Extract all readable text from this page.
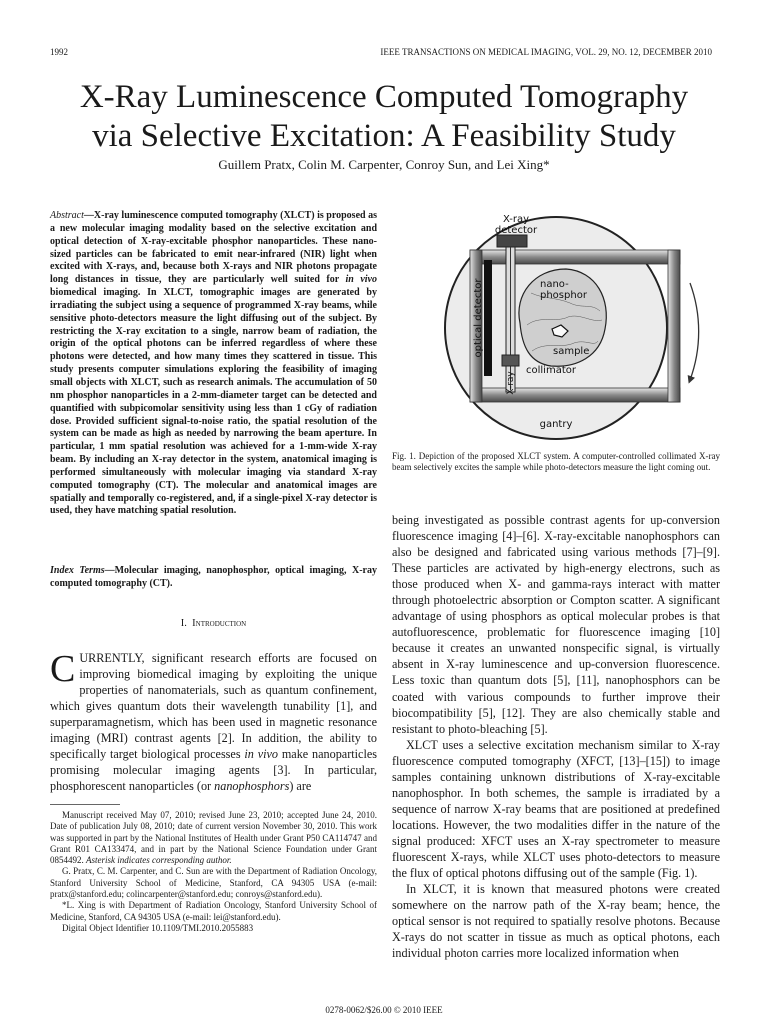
1992	IEEE TRANSACTIONS ON MEDICAL IMAGING, VOL. 29, NO. 12, DECEMBER 2010
X-Ray Luminescence Computed Tomography
via Selective Excitation: A Feasibility Study
Guillem Pratx, Colin M. Carpenter, Conroy Sun, and Lei Xing*
Abstract—X-ray luminescence computed tomography (XLCT) is proposed as a new molecular imaging modality based on the selective excitation and optical detection of X-ray-excitable phosphor nanoparticles. These nano-sized particles can be fabricated to emit near-infrared (NIR) light when excited with X-rays, and, because both X-rays and NIR photons propagate long distances in tissue, they are particularly well suited for in vivo biomedical imaging. In XLCT, tomographic images are generated by irradiating the subject using a sequence of programmed X-ray beams, while sensitive photo-detectors measure the light diffusing out of the subject. By restricting the X-ray excitation to a single, narrow beam of radiation, the origin of the optical photons can be inferred regardless of where these photons were detected, and how many times they scattered in tissue. This study presents computer simulations exploring the feasibility of imaging small objects with XLCT, such as research animals. The accumulation of 50 nm phosphor nanoparticles in a 2-mm-diameter target can be detected and quantified with subpicomolar sensitivity using less than 1 cGy of radiation dose. Provided sufficient signal-to-noise ratio, the spatial resolution of the system can be made as high as needed by narrowing the beam aperture. In particular, 1 mm spatial resolution was achieved for a 1-mm-wide X-ray beam. By including an X-ray detector in the system, anatomical imaging is performed simultaneously with molecular imaging via standard X-ray computed tomography (CT). The molecular and anatomical images are spatially and temporally co-registered, and, if a single-pixel X-ray detector is used, they have matching spatial resolution.
Index Terms—Molecular imaging, nanophosphor, optical imaging, X-ray computed tomography (CT).
I. Introduction
CURRENTLY, significant research efforts are focused on improving biomedical imaging by exploiting the unique properties of nanomaterials, such as quantum confinement, which gives quantum dots their wavelength tunability [1], and superparamagnetism, which has been used in magnetic resonance imaging (MRI) contrast agents [2]. In addition, the ability to specifically target biological processes in vivo make nanoparticles promising molecular imaging agents [3]. In particular, phosphorescent nanoparticles (or nanophosphors) are

Manuscript received May 07, 2010; revised June 23, 2010; accepted June 24, 2010. Date of publication July 08, 2010; date of current version November 30, 2010. This work was supported in part by the National Institutes of Health under Grant P50 CA114747 and Grant R01 CA133474, and in part by the National Science Foundation under Grant 0854492. Asterisk indicates corresponding author.

G. Pratx, C. M. Carpenter, and C. Sun are with the Department of Radiation Oncology, Stanford University School of Medicine, Stanford, CA 94305 USA (e-mail: pratx@stanford.edu; colincarpenter@stanford.edu; conroys@stanford.edu).

*L. Xing is with Department of Radiation Oncology, Stanford University School of Medicine, Stanford, CA 94305 USA (e-mail: lei@stanford.edu).

Digital Object Identifier 10.1109/TMI.2010.2055883

X-ray
detector
nano-
phosphor
optical detector	sample
collimator
X-ray
gantry
Fig. 1. Depiction of the proposed XLCT system. A computer-controlled collimated X-ray beam selectively excites the sample while photo-detectors measure the light coming out.

being investigated as possible contrast agents for up-conversion fluorescence imaging [4]–[6]. X-ray-excitable nanophosphors can also be designed and fabricated using various methods [7]–[9]. These particles are activated by high-energy electrons, such as those produced when X- and gamma-rays interact with matter through photoelectric absorption or Compton scatter. A significant advantage of using phosphors as optical molecular probes is that autofluorescence, problematic for fluorescence imaging [10] because it creates an unwanted nonspecific signal, is virtually absent in X-ray luminescence and up-conversion fluorescence. Less toxic than quantum dots [5], [11], nanophosphors can be coated with various compounds to further improve their biocompatibility [5], [12]. They are also chemically stable and resistant to photo-bleaching [5].

XLCT uses a selective excitation mechanism similar to X-ray fluorescence computed tomography (XFCT, [13]–[15]) to image samples containing unknown distributions of X-ray-excitable nanophosphor. In both schemes, the sample is irradiated by a sequence of narrow X-ray beams that are positioned at predefined locations. However, the two modalities differ in the nature of the signal produced: XFCT uses an X-ray spectrometer to measure fluorescent X-rays, while XLCT uses photo-detectors to measure the flux of optical photons diffusing out of the sample (Fig. 1).

In XLCT, it is known that measured photons were created somewhere on the narrow path of the X-ray beam; hence, the optical sensor is not required to spatially resolve photons. Because X-rays do not scatter in tissue as much as optical photons, each individual photon carries more localized information when

0278-0062/$26.00 © 2010 IEEE
